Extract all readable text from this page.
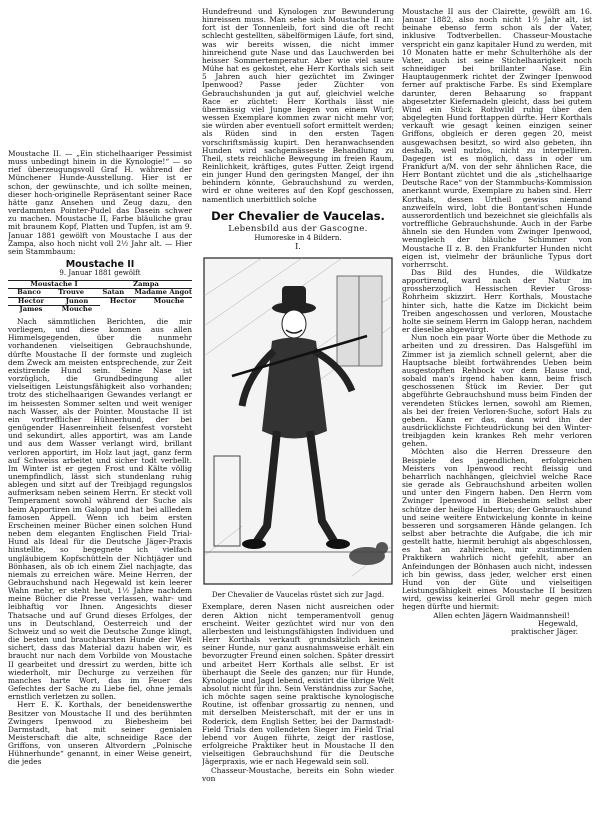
Moustache II. — „Ein stichelhaariger Pessimist muss unbedingt hinein in die Kynologie!“ — so rief überzeugungsvoll Graf H. während der Münchener Hunde-Ausstellung. Hier ist er schon, der gewünschte, und ich sollte meinen, dieser hoch-originelle Repräsentant seiner Race hätte ganz Ansehen und Zeug dazu, den verdammten Pointer-Pudel das Dasein schwer zu machen. Moustache II, Farbe bläuliche grau mit braunem Kopf, Platten und Tupfen, ist am 9. Januar 1881 gewölft von Moustache I aus der Zampa, also hoch nicht voll 2½ Jahr alt. — Hier sein Stammbaum:

Moustache II
9. Januar 1881 gewölft
Moustache I	Zampa
Banco	Trouve	Satan	Madame Angot
Hector	Junon	Hector	Mouche
James	Mouche

Nach sämmtlichen Berichten, die mir vorliegen, und diese kommen aus allen Himmelsgegenden, über die nunmehr vorhandenen vielseitigen Gebrauchshunde, dürfte Moustache II der formste und zugleich dem Zweck am meisten entsprechende, zur Zeit existirende Hund sein. Seine Nase ist vorzüglich, die Grundbedingung aller vielseitigen Leistungsfähigkeit also vorhanden; trotz des stichelhaarigen Gewandes verlangt er im heissesten Sommer selten und weit weniger nach Wasser, als der Pointer. Moustache II ist ein vortrefflicher Hühnerhund, der bei genügender Hasenreinheit felsenfest vorsteht und sekundirt, alles apportirt, was am Lande und aus dem Wasser verlangt wird, brillant verloren apportirt, im Holz laut jagt, ganz ferm auf Schweiss arbeitet und sicher todt verbellt. Im Winter ist er gegen Frost und Kälte völlig unempfindlich, lässt sich stundenlang ruhig ablegen und sitzt auf der Treibjagd regungslos aufmerksam neben seinem Herrn. Er steckt voll Temperament sowohl während der Suche als beim Apportiren im Galopp und hat bei allledem famosen Appell. Wenn ich beim ersten Erscheinen meiner Bücher einen solchen Hund neben dem eleganten Englischen Field Trial-Hund als Ideal für die Deutsche Jäger-Praxis hinstellte, so begegnete ich vielfach ungläubigem Kopfschütteln der Nichtjäger und Bönhasen, als ob ich einem Ziel nachjagte, das niemals zu erreichen wäre. Meine Herren, der Gebrauchshund nach Hegewald ist kein leerer Wahn mehr, er steht heut, 1½ Jahre nachdem meine Bücher die Presse verlassen, wahr- und leibhaftig vor Ihnen. Angesichts dieser Thatsache und auf Grund dieses Erfolges, der uns in Deutschland, Oesterreich und der Schweiz und so weit die Deutsche Zunge klingt, die besten und brauchbarsten Hunde der Welt sichert, dass das Material dazu haben wir, es braucht nur nach dem Vorbilde von Moustache II gearbeitet und dressirt zu werden, bitte ich wiederholt, mir Dechurge zu verzeihen für manches harte Wort, das im Feuer des Gefechtes der Sache zu Liebe fiel, ohne jemals ernstlich verletzen zu sollen.

Herr E. K. Korthals, der beneidenswerthe Besitzer von Moustache II und des berühmten Zwingers Ipenwood zu Biebesheim bei Darmstadt, hat mit seiner genialen Meisterschaft die alte, schneidige Race der Griffons, von unseren Altvordern „Polnische Hühnerhunde“ genannt, in einer Weise geneirt, die jedes

Hundefreund und Kynologen zur Bewunderung hinreissen muss. Man sehe sich Moustache II an: fort ist der Tonnenleib, fort sind die oft recht schlecht gestellten, säbelförmigen Läufe, fort sind, was wir bereits wissen, die nicht immer hinreichend gute Nase und das Lauchwerden bei heisser Sommertemperatur. Aber wie viel saure Mühe hat es gekostet, ehe Herr Korthals sich seit 5 Jahren auch hier gezüchtet im Zwinger Ipenwood? Passe jeder Züchter von Gebrauchshunden ja gut auf, gleichviel welche Race er züchtet: Herr Korthals lässt nie übermässig viel Junge liegen von einem Wurf; wessen Exemplare kommen zwar nicht mehr vor, sie würden aber eventuell sofort ermittelt werden; als Rüden sind in den ersten Tagen vorschriftsmässig kupirt. Den heranwachsenden Hunden wird sachgemässeste Behandlung zu Theil, stets reichliche Bewegung im freien Raum, Reinlichkeit, kräftiges, gutes Futter. Zeigt irgend ein junger Hund den geringsten Mangel, der ihn behindern könnte, Gebrauchshund zu werden, wird er ohne weiteres auf den Kopf geschossen, namentlich unerbittlich solche

Der Chevalier de Vaucelas.
Lebensbild aus der Gascogne.
Humoreske in 4 Bildern.
I.
Der Chevalier de Vaucelas rüstet sich zur Jagd.

Exemplare, deren Nasen nicht ausreichen oder deren Aktion nicht temperamentvoll genug erscheint. Weiter gezüchtet wird nur von den allerbesten und leistungsfähigsten Individuen und Herr Korthals verkauft grundsätzlich keinen seiner Hunde, nur ganz ausnahmsweise erhält ein bevorzugter Freund einen solchen. Später dressirt und arbeitet Herr Korthals alle selbst. Er ist überhaupt die Seele des ganzen; nur für Hunde, Kynologie und Jagd lebend, existirt die übrige Welt absolut nicht für ihn. Sein Verständniss zur Sache, ich möchte sagen seine praktische kynologische Routine, ist offenbar grossartig zu nennen, und mit derselben Meisterschaft, mit der er uns in Roderick, dem English Setter, bei der Darmstadt-Field Trials den vollendeten Sieger im Field Trial lebend vor Augen führte, zeigt der rastlose, erfolgreiche Praktiker heut in Moustache II den vielseitigen Gebrauchshund für die Deutsche Jägerpraxis, wie er nach Hegewald sein soll.

Chasseur-Moustache, bereits ein Sohn wieder von

Moustache II aus der Clairette, gewölft am 16. Januar 1882, also noch nicht 1½ Jahr alt, ist beinahe ebenso ferm schon als der Vater, inklusive Todtverbellen. Chasseur-Moustache verspricht ein ganz kapitaler Hund zu werden, mit 10 Monaten hatte er mehr Schulterhöhe als der Vater, auch ist seine Stichelhaarigkeit noch schneidiger bei brillanter Nase. Ein Hauptaugenmerk richtet der Zwinger Ipenwood ferner auf praktische Farbe. Es sind Exemplare darunter, deren Behaarung so frappant abgesetzter Kiefernadeln gleicht, dass bei gutem Wind ein Stück Rothwild ruhig über den abgelegten Hund forttappen dürfte. Herr Korthals verkauft wie gesagt keinen einzigen seiner Griffons, obgleich er deren gegen 20, meist ausgewachsen besitzt, so wird also gebeten, ihn deshalb, weil nutzlos, nicht zu interpelliren. Dagegen ist es möglich, dass in oder um Frankfurt a/M. von der sehr ähnlichen Race, die Herr Bontant züchtet und die als „stichelhaarige Deutsche Race“ von der Stammbuchs-Kommission anerkannt wurde, Exemplare zu haben sind. Herr Korthals, dessen Urtheil gewiss niemand anzweifeln wird, lobt die Bontant'schen Hunde ausserordentlich und bezeichnet sie gleichfalls als vortreffliche Gebrauchshunde. Auch in der Farbe ähneln sie den Hunden vom Zwinger Ipenwood, wenngleich der bläuliche Schimmer von Moustache II z. B. den Frankfurter Hunden nicht eigen ist, vielmehr der bräunliche Typus dort vorherrscht.

Das Bild des Hundes, die Wildkatze apportirend, ward nach der Natur im grossherzoglich Hessischen Revier Gross-Rohrheim skizzirt. Herr Korthals, Moustache hinter sich, hatte die Katze im Dickicht beim Treiben angeschossen und verloren, Moustache holte sie seinem Herrn im Galopp heran, nachdem er dieselbe abgewürgt.

Nun noch ein paar Worte über die Methode zu arbeiten und zu dressiren. Das Halsgefühl im Zimmer ist ja ziemlich schnell gelernt, aber die Hauptsache bleibt fortwährendes Ueben beim ausgestopften Rehbock vor dem Hause und, sobald man's irgend haben kann, beim frisch geschossenen Stück im Revier. Der gut abgeführte Gebrauchshund muss beim Finden der verendeten Stückes lernen, sowohl am Riemen, als bei der freien Verloren-Suche, sofort Hals zu geben. Kann er das, dann wird ihn der ausdrücklichste Fichteudrückung bei den Winter-treibjagden kein krankes Reh mehr verloren gehen.

Möchten also die Herren Dresseure den Beispiele des jagendlichen, erfolgreichen Meisters von Ipenwood recht fleissig und beharrlich nachhängen, gleichviel welche Race sie gerade als Gebrauchshund arbeiten wollen und unter den Fingern haben. Den Herrn vom Zwinger Ipenwood in Biebesheim selbst aber schütze der heilige Hubertus; der Gebrauchshund und seine weitere Entwickelung konnte in keine besseren und sorgsameren Hände gelangen. Ich selbst aber betrachte die Aufgabe, die ich mir gestellt hatte, hiermit beruhigt als abgeschlossen, es hat an zahlreichen, mir zustimmenden Praktikern wahrlich nicht gefehlt, aber an Anfeindungen der Bönhasen auch nicht, indessen ich bin gewiss, dass jeder, welcher erst einen Hund von der Güte und vielseitigen Leistungsfähigkeit eines Moustache II besitzen wird, gewiss keinerlei Groll mehr gegen mich hegen dürfte und hiermit:

Allen echten Jägern Waidmannsheil!

Hegewald,

praktischer Jäger.
